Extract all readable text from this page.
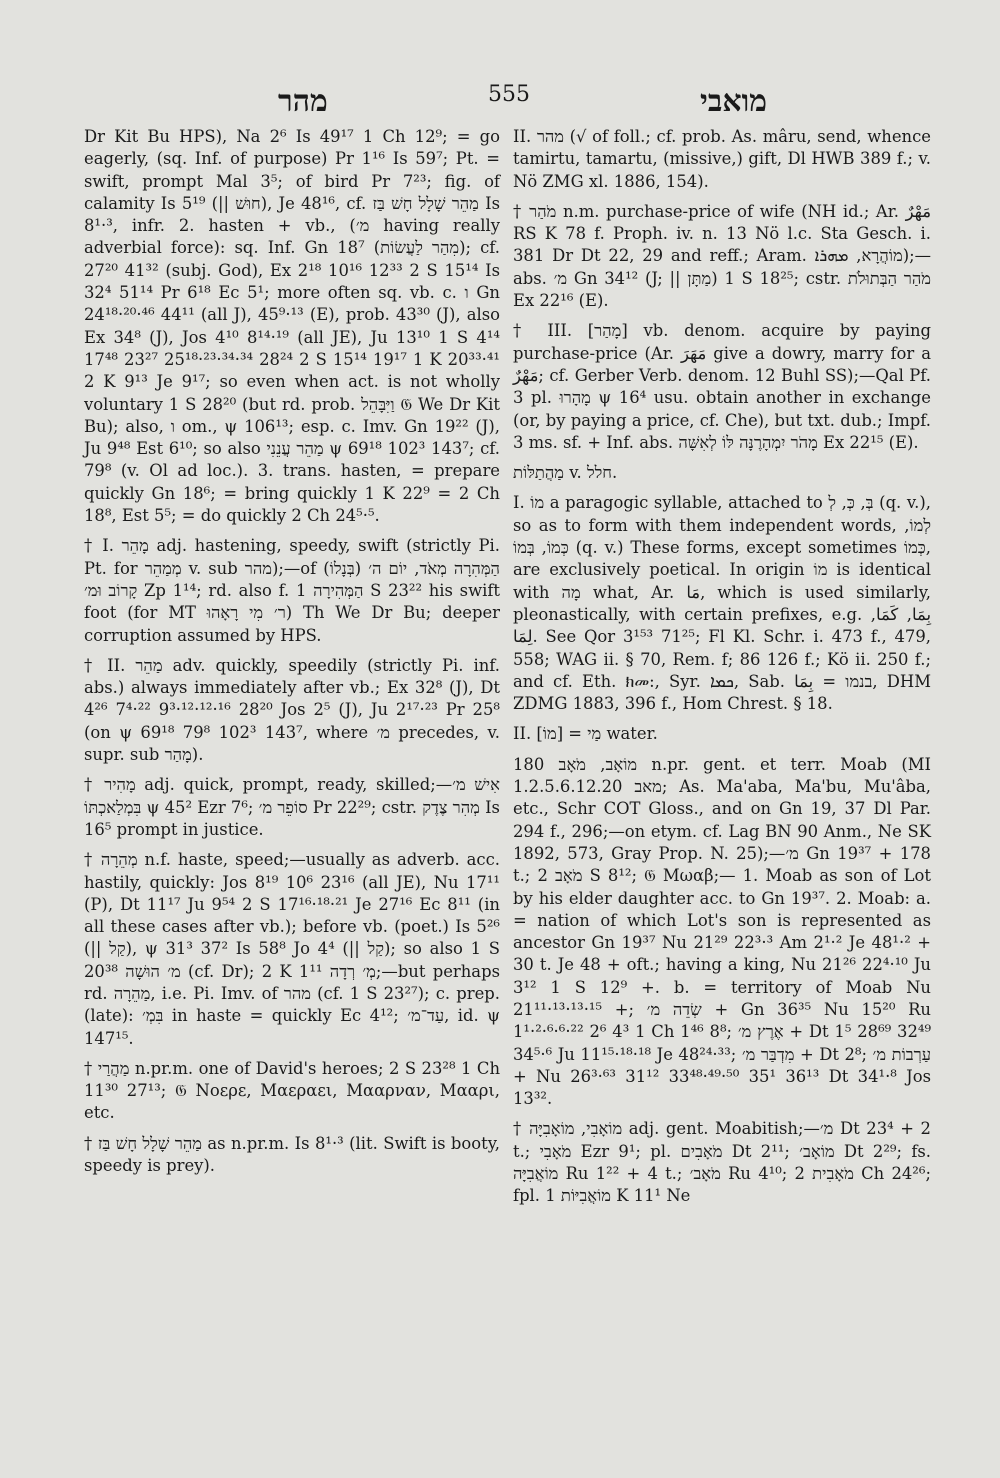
מהר	555	מואבי

Dr Kit Bu HPS), Na 2⁶ Is 49¹⁷ 1 Ch 12⁹; = go eagerly, (sq. Inf. of purpose) Pr 1¹⁶ Is 59⁷; Pt. = swift, prompt Mal 3⁵; of bird Pr 7²³; fig. of calamity Is 5¹⁹ (|| חוּשׁ), Je 48¹⁶, cf. מַהֵר שָׁלָל חָשׁ בַּז Is 8¹·³, infr. 2. hasten + vb., (מ׳ having really adverbial force): sq. Inf. Gn 18⁷ (מִהַר לַעֲשׂוֹת); cf. 27²⁰ 41³² (subj. God), Ex 2¹⁸ 10¹⁶ 12³³ 2 S 15¹⁴ Is 32⁴ 51¹⁴ Pr 6¹⁸ Ec 5¹; more often sq. vb. c. ו Gn 24¹⁸·²⁰·⁴⁶ 44¹¹ (all J), 45⁹·¹³ (E), prob. 43³⁰ (J), also Ex 34⁸ (J), Jos 4¹⁰ 8¹⁴·¹⁹ (all JE), Ju 13¹⁰ 1 S 4¹⁴ 17⁴⁸ 23²⁷ 25¹⁸·²³·³⁴·³⁴ 28²⁴ 2 S 15¹⁴ 19¹⁷ 1 K 20³³·⁴¹ 2 K 9¹³ Je 9¹⁷; so even when act. is not wholly voluntary 1 S 28²⁰ (but rd. prob. וַיִּבָּהֵל 𝔊 We Dr Kit Bu); also, ו om., ψ 106¹³; esp. c. Imv. Gn 19²² (J), Ju 9⁴⁸ Est 6¹⁰; so also מַהֵר עֲנֵנִי ψ 69¹⁸ 102³ 143⁷; cf. 79⁸ (v. Ol ad loc.). 3. trans. hasten, = prepare quickly Gn 18⁶; = bring quickly 1 K 22⁹ = 2 Ch 18⁸, Est 5⁵; = do quickly 2 Ch 24⁵·⁵.

† I. מָהֵר adj. hastening, speedy, swift (strictly Pi. Pt. for מְמַהֵר v. sub מהר);—of (בְּנָלוֹ) הַמְּהִרָה מְאֹד, יוֹם ה׳ קָרוֹב וּמ׳ Zp 1¹⁴; rd. also f. הַמְּהִירָה 1 S 23²² his swift foot (for MT ר׳ מִי רָאָהוּ) Th We Dr Bu; deeper corruption assumed by HPS.

† II. מַהֵר adv. quickly, speedily (strictly Pi. inf. abs.) always immediately after vb.; Ex 32⁸ (J), Dt 4²⁶ 7⁴·²² 9³·¹²·¹²·¹⁶ 28²⁰ Jos 2⁵ (J), Ju 2¹⁷·²³ Pr 25⁸ (on ψ 69¹⁸ 79⁸ 102³ 143⁷, where מ׳ precedes, v. supr. sub מָהַר).

† מָהִיר adj. quick, prompt, ready, skilled;—אִישׁ מ׳ בִּמְלַאכְתּוֹ ψ 45² Ezr 7⁶; סוֹפֵר מ׳ Pr 22²⁹; cstr. מְהִר צֶדֶק Is 16⁵ prompt in justice.

† מְהֵרָה n.f. haste, speed;—usually as adverb. acc. hastily, quickly: Jos 8¹⁹ 10⁶ 23¹⁶ (all JE), Nu 17¹¹ (P), Dt 11¹⁷ Ju 9⁵⁴ 2 S 17¹⁶·¹⁸·²¹ Je 27¹⁶ Ec 8¹¹ (in all these cases after vb.); before vb. (poet.) Is 5²⁶ (|| קַל), ψ 31³ 37² Is 58⁸ Jo 4⁴ (|| קַל); so also 1 S 20³⁸ מ׳ הוּשָׁה (cf. Dr); 2 K 1¹¹ מְ׳ רְדָה;—but perhaps rd. מַהֵרָה, i.e. Pi. Imv. of מהר (cf. 1 S 23²⁷); c. prep. (late): בִּמְ׳ in haste = quickly Ec 4¹²; עַד־מ׳, id. ψ 147¹⁵.

† מַהֲרַי n.pr.m. one of David's heroes; 2 S 23²⁸ 1 Ch 11³⁰ 27¹³; 𝔊 Νοερε, Μαεραει, Μααρναν, Μααρι, etc.

† מַהֵר שָׁלָל חָשׁ בַּז as n.pr.m. Is 8¹·³ (lit. Swift is booty, speedy is prey).

II. מהר (√ of foll.; cf. prob. As. mâru, send, whence tamirtu, tamartu, (missive,) gift, Dl HWB 389 f.; v. Nö ZMG xl. 1886, 154).

† מֹהַר n.m. purchase-price of wife (NH id.; Ar. مَهْرٌ RS K 78 f. Proph. iv. n. 13 Nö l.c. Sta Gesch. i. 381 Dr Dt 22, 29 and reff.; Aram. מוֹהֲרָא, ܡܗܪܐ);—abs. מ׳ Gn 34¹² (J; || מַתָּן) 1 S 18²⁵; cstr. מֹהַר הַבְּתוּלֹת Ex 22¹⁶ (E).

† III. [מָהַר] vb. denom. acquire by paying purchase-price (Ar. مَهَرَ give a dowry, marry for a مَهْرٌ; cf. Gerber Verb. denom. 12 Buhl SS);—Qal Pf. 3 pl. מָהָרוּ ψ 16⁴ usu. obtain another in exchange (or, by paying a price, cf. Che), but txt. dub.; Impf. 3 ms. sf. + Inf. abs. מָהֹר יִמְהָרֶנָּה לּוֹ לְאִשָּׁה Ex 22¹⁵ (E).

מַהֲתַלּוֹת v. חלל.

I. מוֹ a paragogic syllable, attached to בְּ, כְּ, לְ (q. v.), so as to form with them independent words, לְמוֹ, כְּמוֹ, בְּמוֹ (q. v.) These forms, except sometimes כְּמוֹ, are exclusively poetical. In origin מוֹ is identical with מָה what, Ar. مَا, which is used similarly, pleonastically, with certain prefixes, e.g. بِمَا, كَمَا, لِمَا. See Qor 3¹⁵³ 71²⁵; Fl Kl. Schr. i. 473 f., 479, 558; WAG ii. § 70, Rem. f; 86 126 f.; Kö ii. 250 f.; and cf. Eth. ክመ:, Syr. ܟܡܐ, Sab. בנמו = بِمَا, DHM ZDMG 1883, 396 f., Hom Chrest. § 18.

II. [מוֹ] = מַי water.

מוֹאָב, מֹאָב 180 n.pr. gent. et terr. Moab (MI 1.2.5.6.12.20 מאב; As. Ma'aba, Ma'bu, Mu'âba, etc., Schr COT Gloss., and on Gn 19, 37 Dl Par. 294 f., 296;—on etym. cf. Lag BN 90 Anm., Ne SK 1892, 573, Gray Prop. N. 25);—מ׳ Gn 19³⁷ + 178 t.; מֹאָב 2 S 8¹²; 𝔊 Μωαβ;— 1. Moab as son of Lot by his elder daughter acc. to Gn 19³⁷. 2. Moab: a. = nation of which Lot's son is represented as ancestor Gn 19³⁷ Nu 21²⁹ 22³·³ Am 2¹·² Je 48¹·² + 30 t. Je 48 + oft.; having a king, Nu 21²⁶ 22⁴·¹⁰ Ju 3¹² 1 S 12⁹ +. b. = territory of Moab Nu 21¹¹·¹³·¹³·¹⁵ +; שְׂדֵה מ׳ + Gn 36³⁵ Nu 15²⁰ Ru 1¹·²·⁶·⁶·²² 2⁶ 4³ 1 Ch 1⁴⁶ 8⁸; אֶרֶץ מ׳ + Dt 1⁵ 28⁶⁹ 32⁴⁹ 34⁵·⁶ Ju 11¹⁵·¹⁸·¹⁸ Je 48²⁴·³³; מִדְבַּר מ׳ + Dt 2⁸; עַרְבוֹת מ׳ + Nu 26³·⁶³ 31¹² 33⁴⁸·⁴⁹·⁵⁰ 35¹ 36¹³ Dt 34¹·⁸ Jos 13³².

† מוֹאָבִי, מוֹאָבִיָּה adj. gent. Moabitish;—מ׳ Dt 23⁴ + 2 t.; מֹאָבִי Ezr 9¹; pl. מֹאָבִים Dt 2¹¹; מוֹאָב׳ Dt 2²⁹; fs. מוֹאֲבִיָּה Ru 1²² + 4 t.; מֹאָב׳ Ru 4¹⁰; מֹאָבִית 2 Ch 24²⁶; fpl. מוֹאֲבִיּוֹת 1 K 11¹ Ne
